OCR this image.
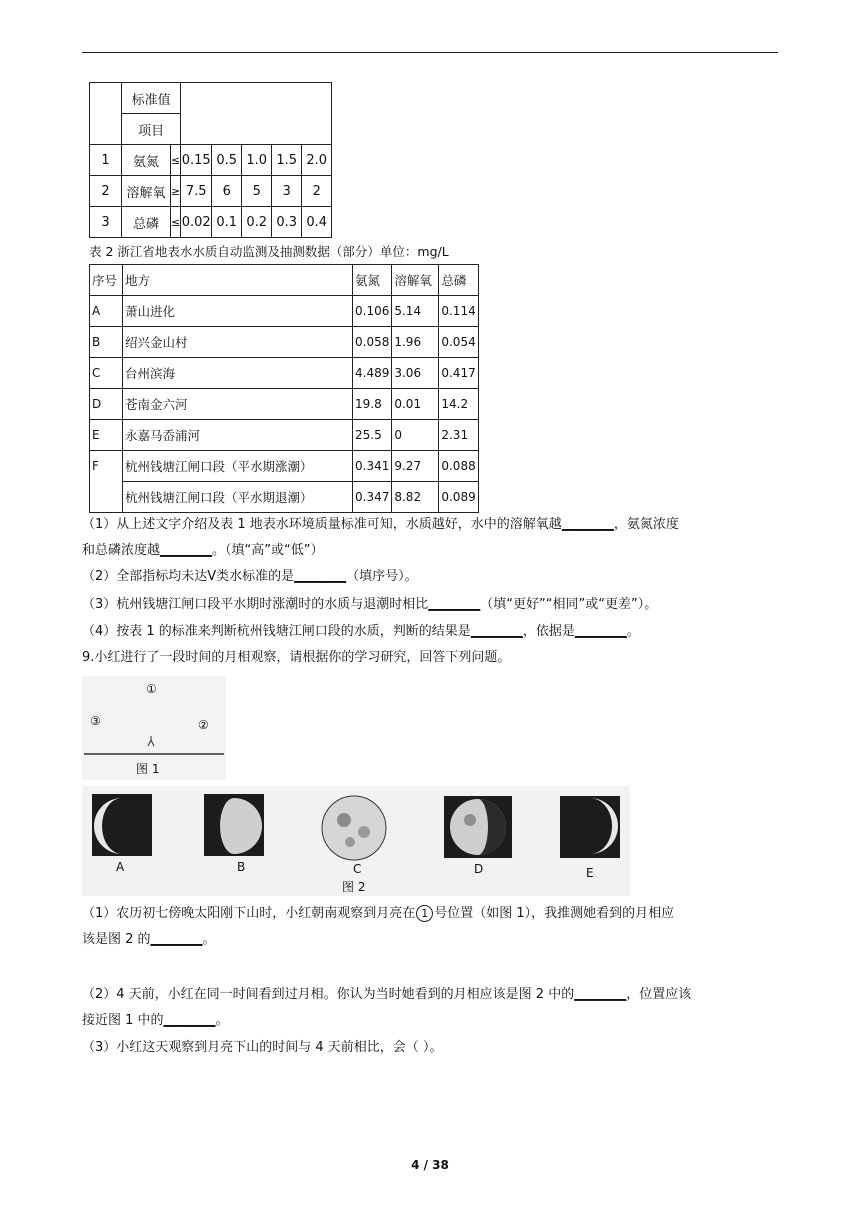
	标准值						
	项目						
1	氨氮	≤	0.15	0.5	1.0	1.5	2.0
2	溶解氧	≥	7.5	6	5	3	2
3	总磷	≤	0.02	0.1	0.2	0.3	0.4
表 2 浙江省地表水水质自动监测及抽测数据（部分）单位：mg/L
序号	地方	氨氮	溶解氧	总磷
A	萧山进化	0.106	5.14	0.114
B	绍兴金山村	0.058	1.96	0.054
C	台州滨海	4.489	3.06	0.417
D	苍南金六河	19.8	0.01	14.2
E	永嘉马岙浦河	25.5	0	2.31
F	杭州钱塘江闸口段（平水期涨潮）	0.341	9.27	0.088
	杭州钱塘江闸口段（平水期退潮）	0.347	8.82	0.089
（1）从上述文字介绍及表 1 地表水环境质量标准可知，水质越好，水中的溶解氧越________，氨氮浓度
和总磷浓度越________。（填“高”或“低”）
（2）全部指标均未达Ⅴ类水标准的是________（填序号）。
（3）杭州钱塘江闸口段平水期时涨潮时的水质与退潮时相比________（填“更好”“相同”或“更差”）。
（4）按表 1 的标准来判断杭州钱塘江闸口段的水质，判断的结果是________，依据是________。
9.小红进行了一段时间的月相观察，请根据你的学习研究，回答下列问题。
①
②
③
图 1
A	B	C	D	E
图 2
（1）农历初七傍晚太阳刚下山时，小红朝南观察到月亮在 1 号位置（如图 1），我推测她看到的月相应
该是图 2 的________。
（2）4 天前，小红在同一时间看到过月相。你认为当时她看到的月相应该是图 2 中的________，位置应该
接近图 1 中的________。
（3）小红这天观察到月亮下山的时间与 4 天前相比，会（ ）。
4 / 38
